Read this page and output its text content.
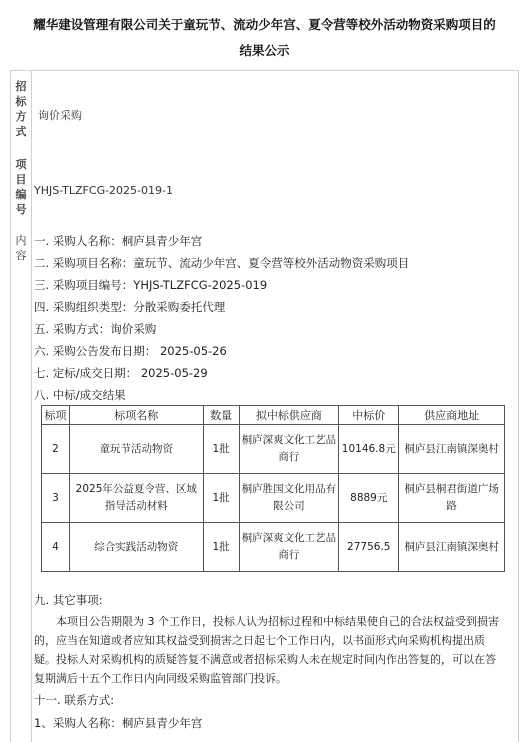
耀华建设管理有限公司关于童玩节、流动少年宫、夏令营等校外活动物资采购项目的
结果公示
招
标
方
式
项
目
编
号
内
容
询价采购
YHJS-TLZFCG-2025-019-1
一. 采购人名称：桐庐县青少年宫
二. 采购项目名称：童玩节、流动少年宫、夏令营等校外活动物资采购项目
三. 采购项目编号：YHJS-TLZFCG-2025-019
四. 采购组织类型：分散采购委托代理
五. 采购方式：询价采购
六. 采购公告发布日期： 2025-05-26
七. 定标/成交日期： 2025-05-29
八. 中标/成交结果
标项	标项名称	数量	拟中标供应商	中标价	供应商地址
2	童玩节活动物资	1批	桐庐深爽文化工艺品商行	10146.8元	桐庐县江南镇深奥村
3	2025年公益夏令营、区域指导活动材料	1批	桐庐胜国文化用品有限公司	8889元	桐庐县桐君街道广场路
4	综合实践活动物资	1批	桐庐深爽文化工艺品商行	27756.5	桐庐县江南镇深奥村
九. 其它事项:
本项目公告期限为 3 个工作日，投标人认为招标过程和中标结果使自己的合法权益受到损害的，应当在知道或者应知其权益受到损害之日起七个工作日内，以书面形式向采购机构提出质疑。投标人对采购机构的质疑答复不满意或者招标采购人未在规定时间内作出答复的，可以在答复期满后十五个工作日内向同级采购监管部门投诉。
十一. 联系方式:
1、采购人名称：桐庐县青少年宫
